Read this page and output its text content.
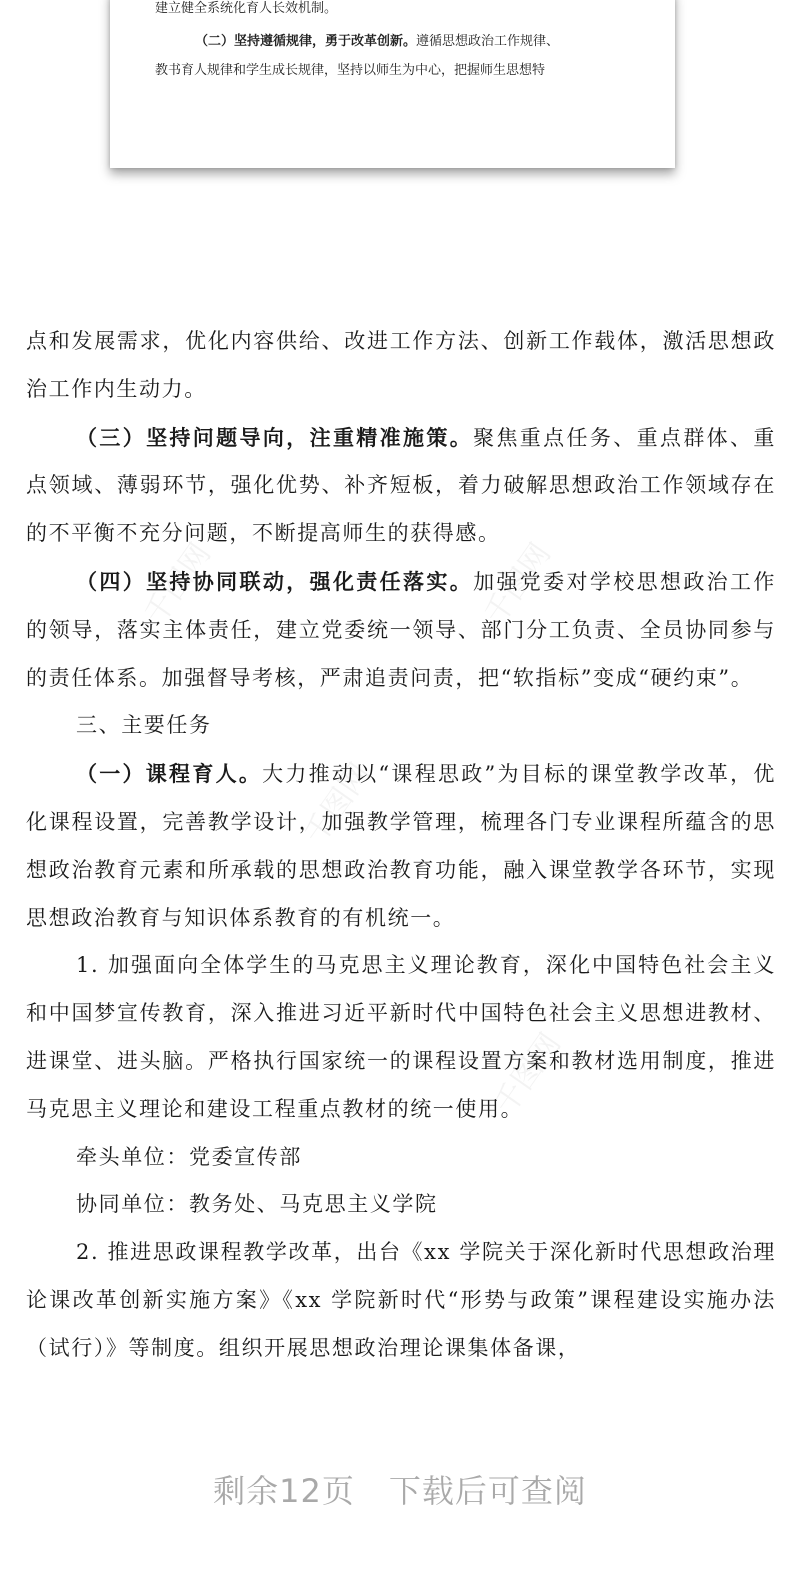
建立健全系统化育人长效机制。
（二）坚持遵循规律，勇于改革创新。遵循思想政治工作规律、
教书育人规律和学生成长规律，坚持以师生为中心，把握师生思想特
千图网	千图网
千图网
千图网

点和发展需求，优化内容供给、改进工作方法、创新工作载体，激活思想政治工作内生动力。

（三）坚持问题导向，注重精准施策。聚焦重点任务、重点群体、重点领域、薄弱环节，强化优势、补齐短板，着力破解思想政治工作领域存在的不平衡不充分问题，不断提高师生的获得感。

（四）坚持协同联动，强化责任落实。加强党委对学校思想政治工作的领导，落实主体责任，建立党委统一领导、部门分工负责、全员协同参与的责任体系。加强督导考核，严肃追责问责，把“软指标”变成“硬约束”。

三、主要任务

（一）课程育人。大力推动以“课程思政”为目标的课堂教学改革，优化课程设置，完善教学设计，加强教学管理，梳理各门专业课程所蕴含的思想政治教育元素和所承载的思想政治教育功能，融入课堂教学各环节，实现思想政治教育与知识体系教育的有机统一。

1. 加强面向全体学生的马克思主义理论教育，深化中国特色社会主义和中国梦宣传教育，深入推进习近平新时代中国特色社会主义思想进教材、进课堂、进头脑。严格执行国家统一的课程设置方案和教材选用制度，推进马克思主义理论和建设工程重点教材的统一使用。

牵头单位：党委宣传部

协同单位：教务处、马克思主义学院

2. 推进思政课程教学改革，出台《xx 学院关于深化新时代思想政治理论课改革创新实施方案》《xx 学院新时代“形势与政策”课程建设实施办法（试行）》等制度。组织开展思想政治理论课集体备课，

剩余12页 下载后可查阅
